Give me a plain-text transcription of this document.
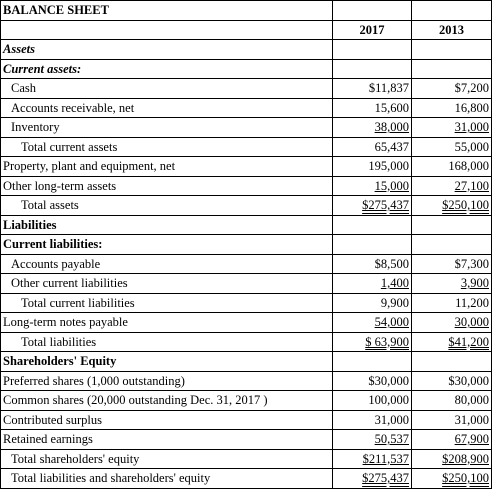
BALANCE SHEET		
	2017	2013
Assets		
Current assets:		
Cash	$11,837	$7,200
Accounts receivable, net	15,600	16,800
Inventory	38,000	31,000
Total current assets	65,437	55,000
Property, plant and equipment, net	195,000	168,000
Other long-term assets	15,000	27,100
Total assets	$275,437	$250,100
Liabilities		
Current liabilities:		
Accounts payable	$8,500	$7,300
Other current liabilities	1,400	3,900
Total current liabilities	9,900	11,200
Long-term notes payable	54,000	30,000
Total liabilities	$ 63,900	$41,200
Shareholders' Equity		
Preferred shares (1,000 outstanding)	$30,000	$30,000
Common shares (20,000 outstanding Dec. 31, 2017 )	100,000	80,000
Contributed surplus	31,000	31,000
Retained earnings	50,537	67,900
Total shareholders' equity	$211,537	$208,900
Total liabilities and shareholders' equity	$275,437	$250,100
